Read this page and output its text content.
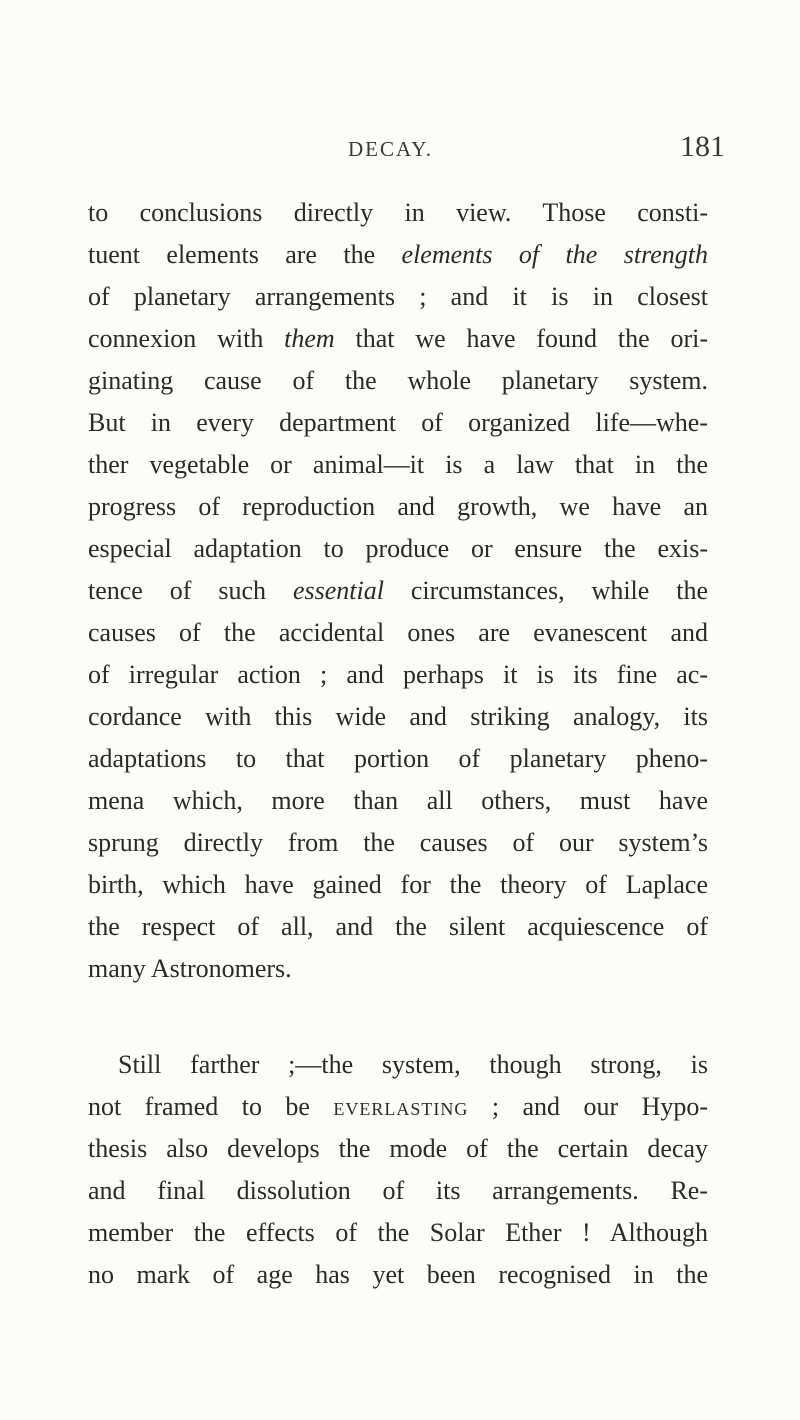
DECAY.	181
to conclusions directly in view. Those consti-
tuent elements are the elements of the strength
of planetary arrangements ; and it is in closest
connexion with them that we have found the ori-
ginating cause of the whole planetary system.
But in every department of organized life—whe-
ther vegetable or animal—it is a law that in the
progress of reproduction and growth, we have an
especial adaptation to produce or ensure the exis-
tence of such essential circumstances, while the
causes of the accidental ones are evanescent and
of irregular action ; and perhaps it is its fine ac-
cordance with this wide and striking analogy, its
adaptations to that portion of planetary pheno-
mena which, more than all others, must have
sprung directly from the causes of our system’s
birth, which have gained for the theory of Laplace
the respect of all, and the silent acquiescence of
many Astronomers.
Still farther ;—the system, though strong, is
not framed to be everlasting ; and our Hypo-
thesis also develops the mode of the certain decay
and final dissolution of its arrangements. Re-
member the effects of the Solar Ether ! Although
no mark of age has yet been recognised in the
